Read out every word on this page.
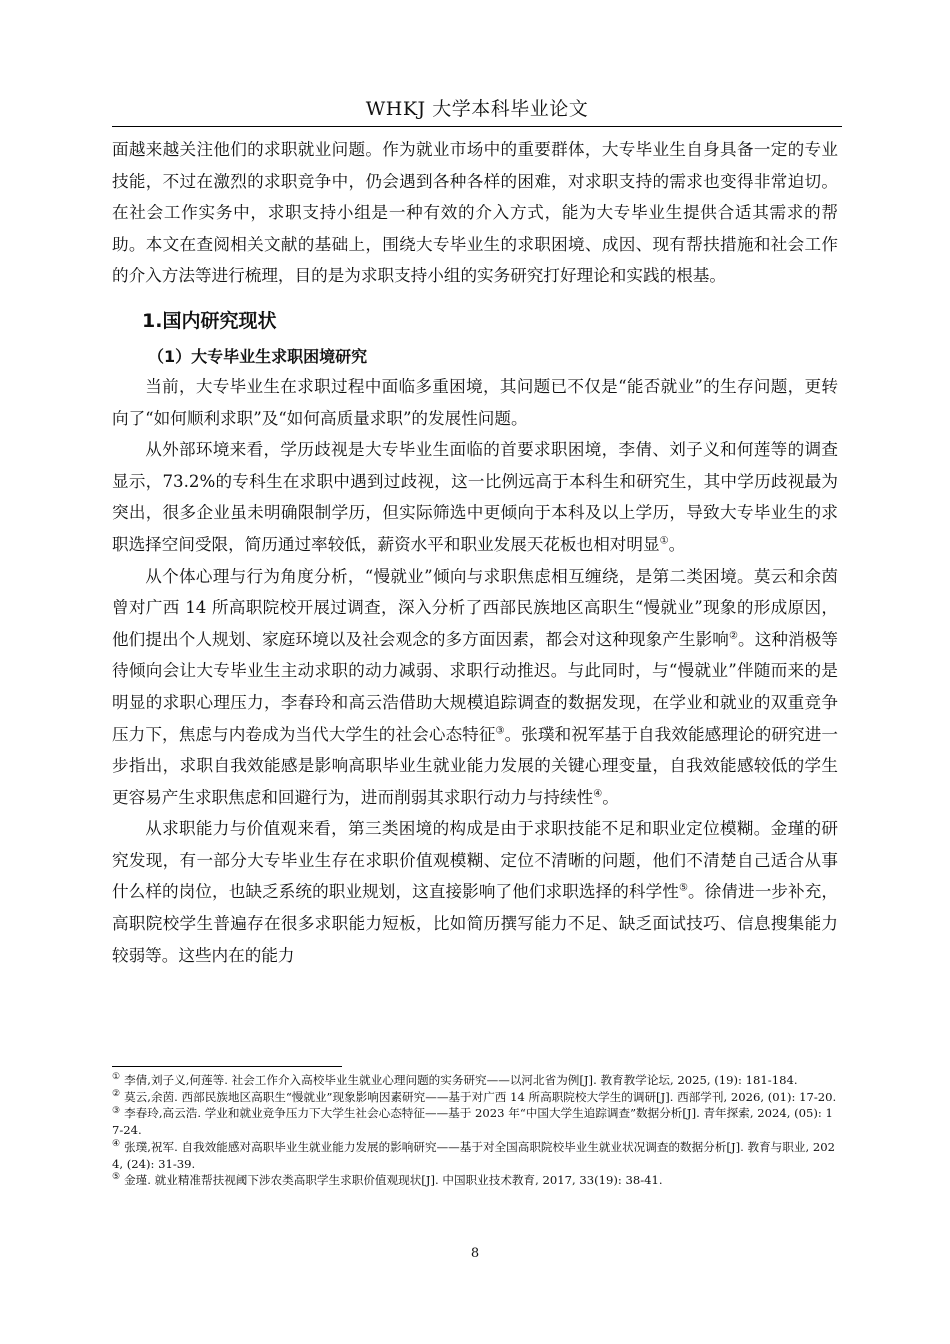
WHKJ 大学本科毕业论文

面越来越关注他们的求职就业问题。作为就业市场中的重要群体，大专毕业生自身具备一定的专业技能，不过在激烈的求职竞争中，仍会遇到各种各样的困难，对求职支持的需求也变得非常迫切。在社会工作实务中，求职支持小组是一种有效的介入方式，能为大专毕业生提供合适其需求的帮助。本文在查阅相关文献的基础上，围绕大专毕业生的求职困境、成因、现有帮扶措施和社会工作的介入方法等进行梳理，目的是为求职支持小组的实务研究打好理论和实践的根基。

1.国内研究现状
（1）大专毕业生求职困境研究

当前，大专毕业生在求职过程中面临多重困境，其问题已不仅是“能否就业”的生存问题，更转向了“如何顺利求职”及“如何高质量求职”的发展性问题。

从外部环境来看，学历歧视是大专毕业生面临的首要求职困境，李倩、刘子义和何莲等的调查显示，73.2%的专科生在求职中遇到过歧视，这一比例远高于本科生和研究生，其中学历歧视最为突出，很多企业虽未明确限制学历，但实际筛选中更倾向于本科及以上学历，导致大专毕业生的求职选择空间受限，简历通过率较低，薪资水平和职业发展天花板也相对明显①。

从个体心理与行为角度分析，“慢就业”倾向与求职焦虑相互缠绕，是第二类困境。莫云和余茵曾对广西 14 所高职院校开展过调查，深入分析了西部民族地区高职生“慢就业”现象的形成原因，他们提出个人规划、家庭环境以及社会观念的多方面因素，都会对这种现象产生影响②。这种消极等待倾向会让大专毕业生主动求职的动力减弱、求职行动推迟。与此同时，与“慢就业”伴随而来的是明显的求职心理压力，李春玲和高云浩借助大规模追踪调查的数据发现，在学业和就业的双重竞争压力下，焦虑与内卷成为当代大学生的社会心态特征③。张璞和祝军基于自我效能感理论的研究进一步指出，求职自我效能感是影响高职毕业生就业能力发展的关键心理变量，自我效能感较低的学生更容易产生求职焦虑和回避行为，进而削弱其求职行动力与持续性④。

从求职能力与价值观来看，第三类困境的构成是由于求职技能不足和职业定位模糊。金瑾的研究发现，有一部分大专毕业生存在求职价值观模糊、定位不清晰的问题，他们不清楚自己适合从事什么样的岗位，也缺乏系统的职业规划，这直接影响了他们求职选择的科学性⑤。徐倩进一步补充，高职院校学生普遍存在很多求职能力短板，比如简历撰写能力不足、缺乏面试技巧、信息搜集能力较弱等。这些内在的能力

① 李倩,刘子义,何莲等. 社会工作介入高校毕业生就业心理问题的实务研究——以河北省为例[J]. 教育教学论坛, 2025, (19): 181-184.

② 莫云,余茵. 西部民族地区高职生“慢就业”现象影响因素研究——基于对广西 14 所高职院校大学生的调研[J]. 西部学刊, 2026, (01): 17-20.

③ 李春玲,高云浩. 学业和就业竞争压力下大学生社会心态特征——基于 2023 年“中国大学生追踪调查”数据分析[J]. 青年探索, 2024, (05): 17-24.

④ 张璞,祝军. 自我效能感对高职毕业生就业能力发展的影响研究——基于对全国高职院校毕业生就业状况调查的数据分析[J]. 教育与职业, 2024, (24): 31-39.

⑤ 金瑾. 就业精准帮扶视阈下涉农类高职学生求职价值观现状[J]. 中国职业技术教育, 2017, 33(19): 38-41.

8
